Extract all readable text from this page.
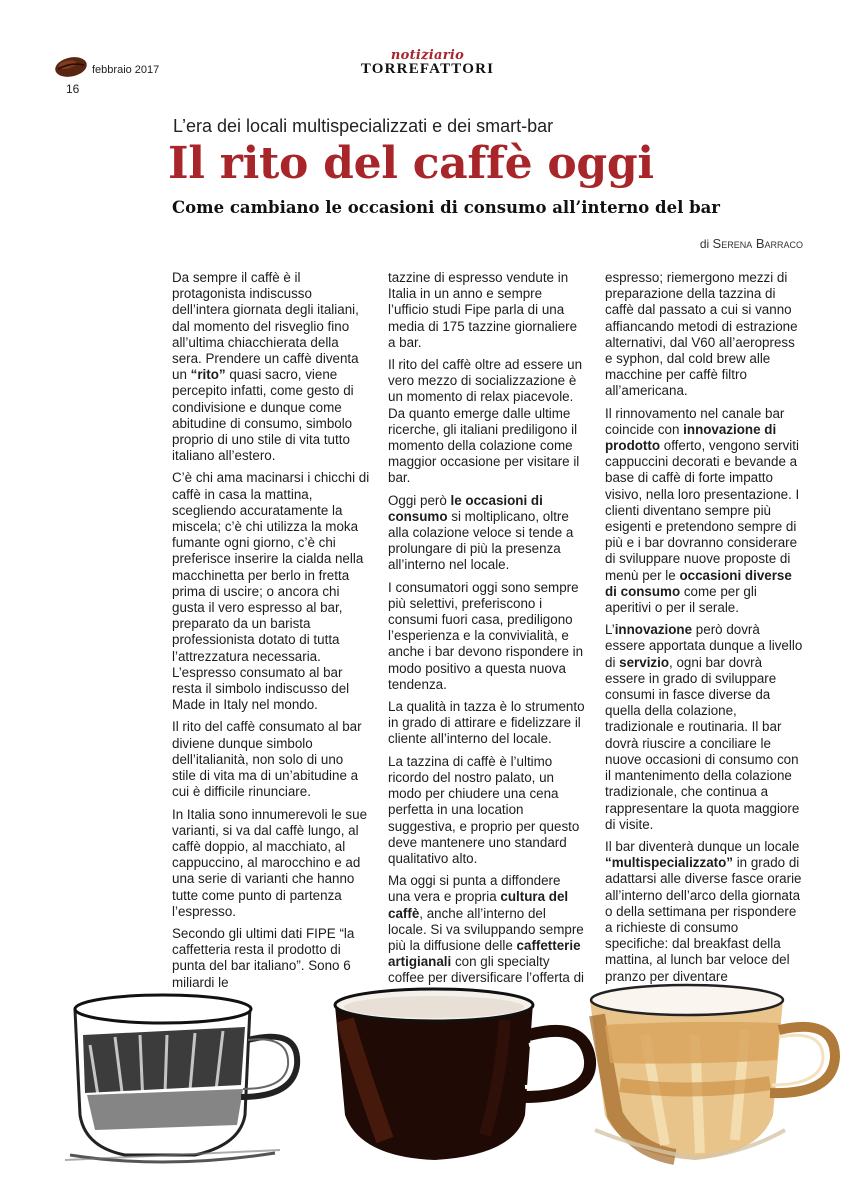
febbraio 2017
16
notiziario
TORREFATTORI
L’era dei locali multispecializzati e dei smart-bar
Il rito del caffè oggi
Come cambiano le occasioni di consumo all’interno del bar
di Serena Barraco

Da sempre il caffè è il protagonista indiscusso dell’intera giornata degli italiani, dal momento del risveglio fino all’ultima chiacchierata della sera. Prendere un caffè diventa un “rito” quasi sacro, viene percepito infatti, come gesto di condivisione e dunque come abitudine di consumo, simbolo proprio di uno stile di vita tutto italiano all’estero.

C’è chi ama macinarsi i chicchi di caffè in casa la mattina, scegliendo accuratamente la miscela; c’è chi utilizza la moka fumante ogni giorno, c’è chi preferisce inserire la cialda nella macchinetta per berlo in fretta prima di uscire; o ancora chi gusta il vero espresso al bar, preparato da un barista professionista dotato di tutta l’attrezzatura necessaria. L’espresso consumato al bar resta il simbolo indiscusso del Made in Italy nel mondo.

Il rito del caffè consumato al bar diviene dunque simbolo dell’italianità, non solo di uno stile di vita ma di un’abitudine a cui è difficile rinunciare.

In Italia sono innumerevoli le sue varianti, si va dal caffè lungo, al caffè doppio, al macchiato, al cappuccino, al marocchino e ad una serie di varianti che hanno tutte come punto di partenza l’espresso.

Secondo gli ultimi dati FIPE “la caffetteria resta il prodotto di punta del bar italiano”. Sono 6 miliardi le

tazzine di espresso vendute in Italia in un anno e sempre l’ufficio studi Fipe parla di una media di 175 tazzine giornaliere a bar.

Il rito del caffè oltre ad essere un vero mezzo di socializzazione è un momento di relax piacevole. Da quanto emerge dalle ultime ricerche, gli italiani prediligono il momento della colazione come maggior occasione per visitare il bar.

Oggi però le occasioni di consumo si moltiplicano, oltre alla colazione veloce si tende a prolungare di più la presenza all’interno nel locale.

I consumatori oggi sono sempre più selettivi, preferiscono i consumi fuori casa, prediligono l’esperienza e la convivialità, e anche i bar devono rispondere in modo positivo a questa nuova tendenza.

La qualità in tazza è lo strumento in grado di attirare e fidelizzare il cliente all’interno del locale.

La tazzina di caffè è l’ultimo ricordo del nostro palato, un modo per chiudere una cena perfetta in una location suggestiva, e proprio per questo deve mantenere uno standard qualitativo alto.

Ma oggi si punta a diffondere una vera e propria cultura del caffè, anche all’interno del locale. Si va sviluppando sempre più la diffusione delle caffetterie artigianali con gli specialty coffee per diversificare l’offerta di

espresso; riemergono mezzi di preparazione della tazzina di caffè dal passato a cui si vanno affiancando metodi di estrazione alternativi, dal V60 all’aeropress e syphon, dal cold brew alle macchine per caffè filtro all’americana.

Il rinnovamento nel canale bar coincide con innovazione di prodotto offerto, vengono serviti cappuccini decorati e bevande a base di caffè di forte impatto visivo, nella loro presentazione. I clienti diventano sempre più esigenti e pretendono sempre di più e i bar dovranno considerare di sviluppare nuove proposte di menù per le occasioni diverse di consumo come per gli aperitivi o per il serale.

L’innovazione però dovrà essere apportata dunque a livello di servizio, ogni bar dovrà essere in grado di sviluppare consumi in fasce diverse da quella della colazione, tradizionale e routinaria. Il bar dovrà riuscire a conciliare le nuove occasioni di consumo con il mantenimento della colazione tradizionale, che continua a rappresentare la quota maggiore di visite.

Il bar diventerà dunque un locale “multispecializzato” in grado di adattarsi alle diverse fasce orarie all’interno dell’arco della giornata o della settimana per rispondere a richieste di consumo specifiche: dal breakfast della mattina, al lunch bar veloce del pranzo per diventare
